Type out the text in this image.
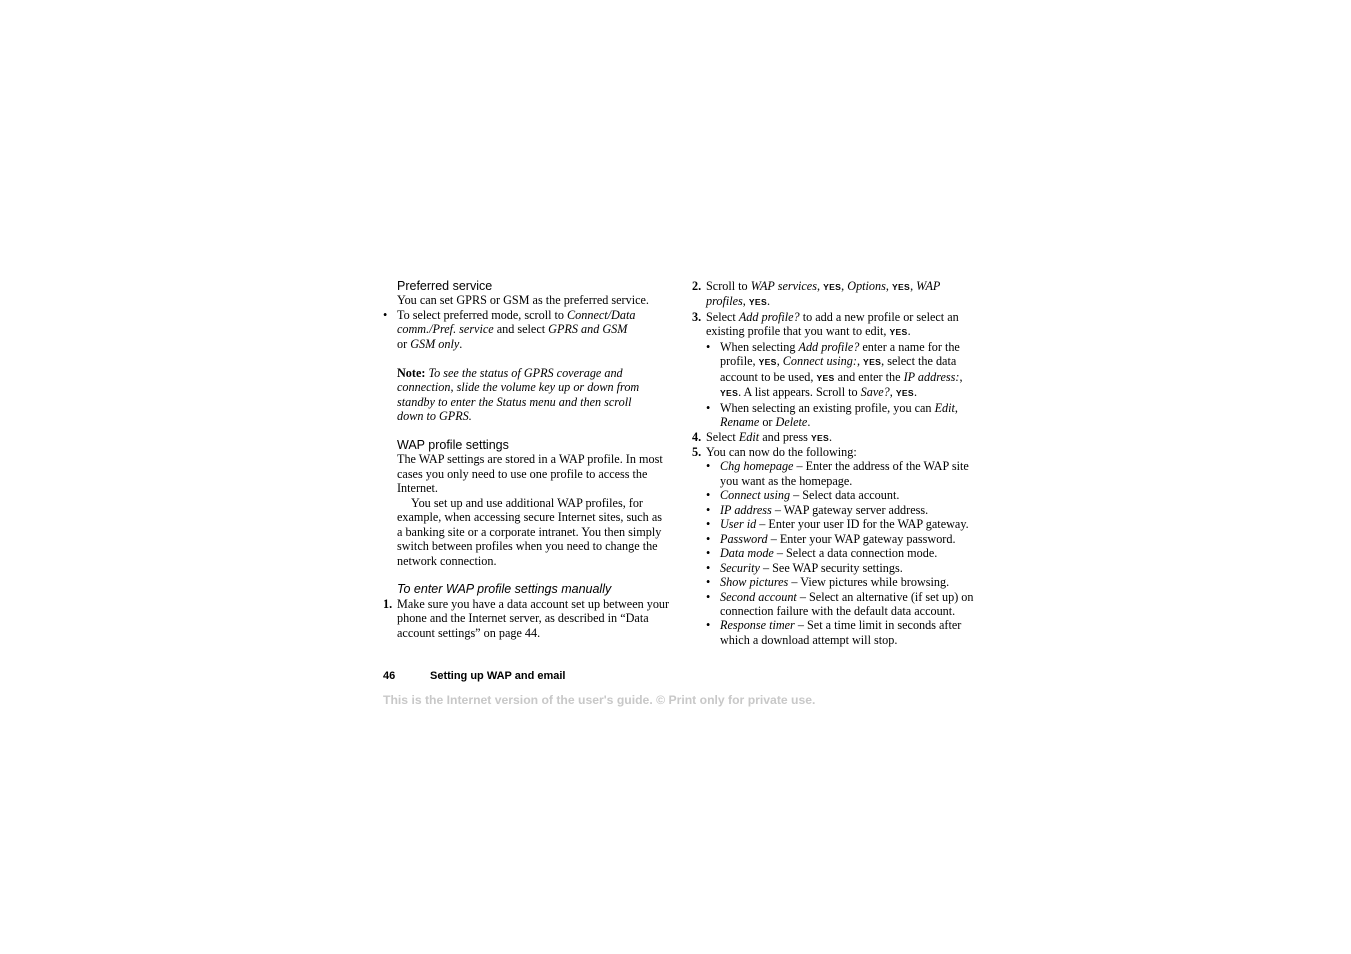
Preferred service
You can set GPRS or GSM as the preferred service.
• To select preferred mode, scroll to Connect/Data comm./Pref. service and select GPRS and GSM
or GSM only.
Note: To see the status of GPRS coverage and connection, slide the volume key up or down from standby to enter the Status menu and then scroll down to GPRS.
WAP profile settings
The WAP settings are stored in a WAP profile. In most cases you only need to use one profile to access the Internet.
You set up and use additional WAP profiles, for example, when accessing secure Internet sites, such as a banking site or a corporate intranet. You then simply switch between profiles when you need to change the network connection.
To enter WAP profile settings manually
1. Make sure you have a data account set up between your phone and the Internet server, as described in “Data account settings” on page 44.
2. Scroll to WAP services, YES, Options, YES, WAP profiles, YES.
3. Select Add profile? to add a new profile or select an existing profile that you want to edit, YES.
• When selecting Add profile? enter a name for the profile, YES, Connect using:, YES, select the data account to be used, YES and enter the IP address:, YES. A list appears. Scroll to Save?, YES.
• When selecting an existing profile, you can Edit, Rename or Delete.
4. Select Edit and press YES.
5. You can now do the following:
• Chg homepage – Enter the address of the WAP site you want as the homepage.
• Connect using – Select data account.
• IP address – WAP gateway server address.
• User id – Enter your user ID for the WAP gateway.
• Password – Enter your WAP gateway password.
• Data mode – Select a data connection mode.
• Security – See WAP security settings.
• Show pictures – View pictures while browsing.
• Second account – Select an alternative (if set up) on connection failure with the default data account.
• Response timer – Set a time limit in seconds after which a download attempt will stop.
46	Setting up WAP and email
This is the Internet version of the user's guide. © Print only for private use.
